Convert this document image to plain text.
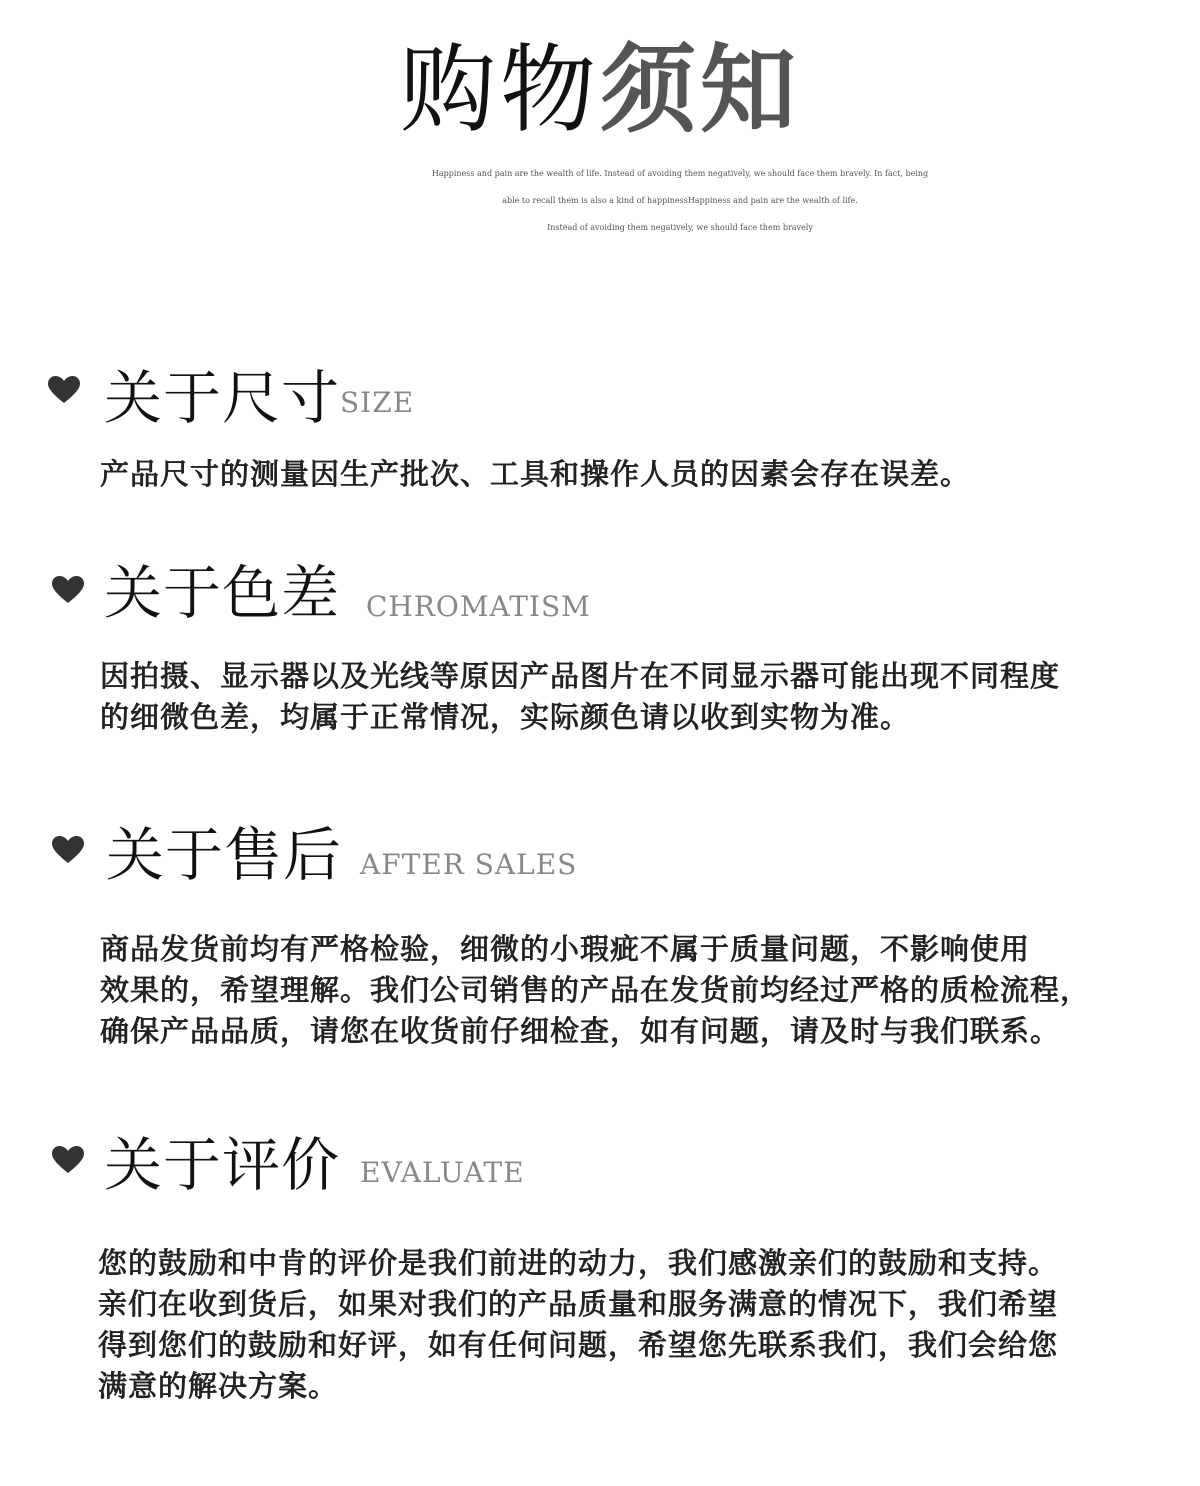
购物须知
Happiness and pain are the wealth of life. Instead of avoiding them negatively, we should face them bravely. In fact, being
able to recall them is also a kind of happinessHappiness and pain are the wealth of life.
Instead of avoiding them negatively, we should face them bravely
关于尺寸 SIZE
产品尺寸的测量因生产批次、工具和操作人员的因素会存在误差。
关于色差 CHROMATISM
因拍摄、显示器以及光线等原因产品图片在不同显示器可能出现不同程度
的细微色差，均属于正常情况，实际颜色请以收到实物为准。
关于售后 AFTER SALES
商品发货前均有严格检验，细微的小瑕疵不属于质量问题，不影响使用
效果的，希望理解。我们公司销售的产品在发货前均经过严格的质检流程，
确保产品品质，请您在收货前仔细检查，如有问题，请及时与我们联系。
关于评价 EVALUATE
您的鼓励和中肯的评价是我们前进的动力，我们感激亲们的鼓励和支持。
亲们在收到货后，如果对我们的产品质量和服务满意的情况下，我们希望
得到您们的鼓励和好评，如有任何问题，希望您先联系我们，我们会给您
满意的解决方案。
